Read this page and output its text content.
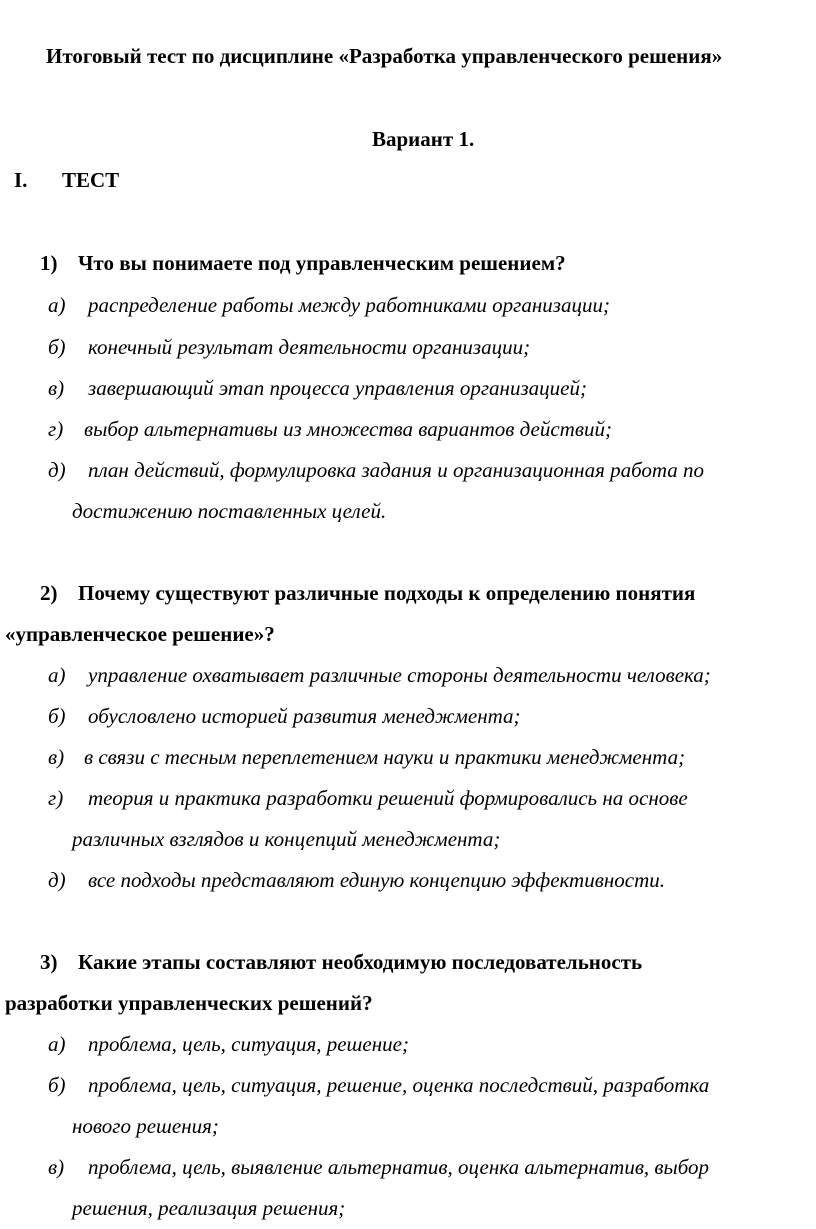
Итоговый тест по дисциплине «Разработка управленческого решения»
Вариант 1.
I. ТЕСТ
1) Что вы понимаете под управленческим решением?
а) распределение работы между работниками организации;
б) конечный результат деятельности организации;
в) завершающий этап процесса управления организацией;
г) выбор альтернативы из множества вариантов действий;
д) план действий, формулировка задания и организационная работа по
достижению поставленных целей.
2) Почему существуют различные подходы к определению понятия
«управленческое решение»?
а) управление охватывает различные стороны деятельности человека;
б) обусловлено историей развития менеджмента;
в) в связи с тесным переплетением науки и практики менеджмента;
г) теория и практика разработки решений формировались на основе
различных взглядов и концепций менеджмента;
д) все подходы представляют единую концепцию эффективности.
3) Какие этапы составляют необходимую последовательность
разработки управленческих решений?
а) проблема, цель, ситуация, решение;
б) проблема, цель, ситуация, решение, оценка последствий, разработка
нового решения;
в) проблема, цель, выявление альтернатив, оценка альтернатив, выбор
решения, реализация решения;
